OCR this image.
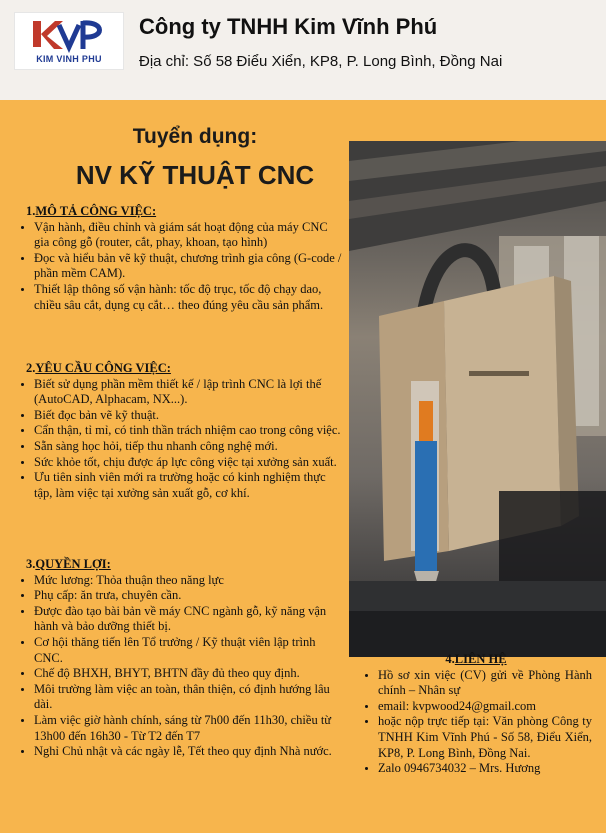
KIM VINH PHU
Công ty TNHH Kim Vĩnh Phú
Địa chỉ: Số 58 Điểu Xiển, KP8, P. Long Bình, Đồng Nai
Tuyển dụng:
NV KỸ THUẬT CNC
1.MÔ TẢ CÔNG VIỆC:
• Vận hành, điều chỉnh và giám sát hoạt động của máy CNC gia công gỗ (router, cắt, phay, khoan, tạo hình)
• Đọc và hiểu bản vẽ kỹ thuật, chương trình gia công (G-code / phần mềm CAM).
• Thiết lập thông số vận hành: tốc độ trục, tốc độ chạy dao, chiều sâu cắt, dụng cụ cắt… theo đúng yêu cầu sản phẩm.
2.YÊU CẦU CÔNG VIỆC:
• Biết sử dụng phần mềm thiết kế / lập trình CNC là lợi thế (AutoCAD, Alphacam, NX...).
• Biết đọc bản vẽ kỹ thuật.
• Cẩn thận, tỉ mỉ, có tinh thần trách nhiệm cao trong công việc.
• Sẵn sàng học hỏi, tiếp thu nhanh công nghệ mới.
• Sức khỏe tốt, chịu được áp lực công việc tại xưởng sản xuất.
• Ưu tiên sinh viên mới ra trường hoặc có kinh nghiệm thực tập, làm việc tại xưởng sản xuất gỗ, cơ khí.
3.QUYỀN LỢI:
• Mức lương: Thỏa thuận theo năng lực
• Phụ cấp: ăn trưa, chuyên cần.
• Được đào tạo bài bản về máy CNC ngành gỗ, kỹ năng vận hành và bảo dưỡng thiết bị.
• Cơ hội thăng tiến lên Tổ trưởng / Kỹ thuật viên lập trình CNC.
• Chế độ BHXH, BHYT, BHTN đầy đủ theo quy định.
• Môi trường làm việc an toàn, thân thiện, có định hướng lâu dài.
• Làm việc giờ hành chính, sáng từ 7h00 đến 11h30, chiều từ 13h00 đến 16h30 - Từ T2 đến T7
• Nghỉ Chủ nhật và các ngày lễ, Tết theo quy định Nhà nước.
4.LIÊN HỆ
• Hồ sơ xin việc (CV) gửi về Phòng Hành chính – Nhân sự
• email: kvpwood24@gmail.com
• hoặc nộp trực tiếp tại: Văn phòng Công ty TNHH Kim Vĩnh Phú - Số 58, Điểu Xiển, KP8, P. Long Bình, Đồng Nai.
• Zalo 0946734032 – Mrs. Hương
